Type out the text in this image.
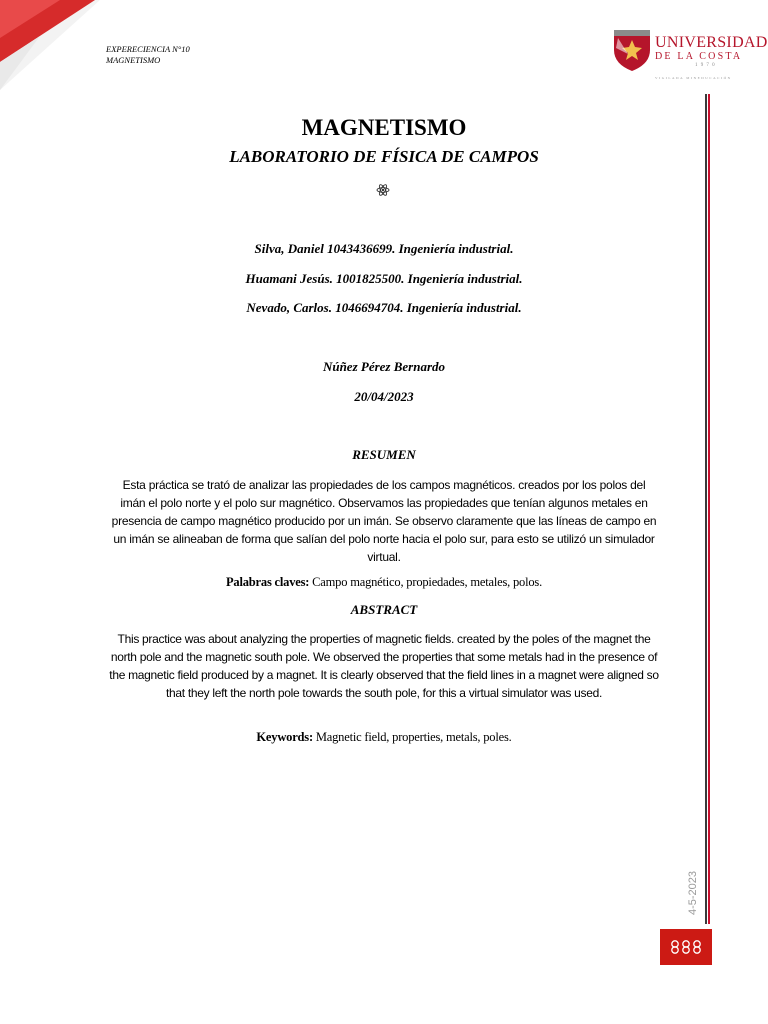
EXPERECIENCIA N°10
MAGNETISMO
UNIVERSIDAD
DE LA COSTA
1970
VIGILADA MINEDUCACIÓN
MAGNETISMO
LABORATORIO DE FÍSICA DE CAMPOS
Silva, Daniel 1043436699. Ingeniería industrial.
Huamani Jesús. 1001825500. Ingeniería industrial.
Nevado, Carlos. 1046694704. Ingeniería industrial.
Núñez Pérez Bernardo
20/04/2023
RESUMEN
Esta práctica se trató de analizar las propiedades de los campos magnéticos. creados por los polos del imán el polo norte y el polo sur magnético. Observamos las propiedades que tenían algunos metales en presencia de campo magnético producido por un imán. Se observo claramente que las líneas de campo en un imán se alineaban de forma que salían del polo norte hacia el polo sur, para esto se utilizó un simulador virtual.
Palabras claves: Campo magnético, propiedades, metales, polos.
ABSTRACT
This practice was about analyzing the properties of magnetic fields. created by the poles of the magnet the north pole and the magnetic south pole. We observed the properties that some metals had in the presence of the magnetic field produced by a magnet. It is clearly observed that the field lines in a magnet were aligned so that they left the north pole towards the south pole, for this a virtual simulator was used.
Keywords: Magnetic field, properties, metals, poles.
4-5-2023
